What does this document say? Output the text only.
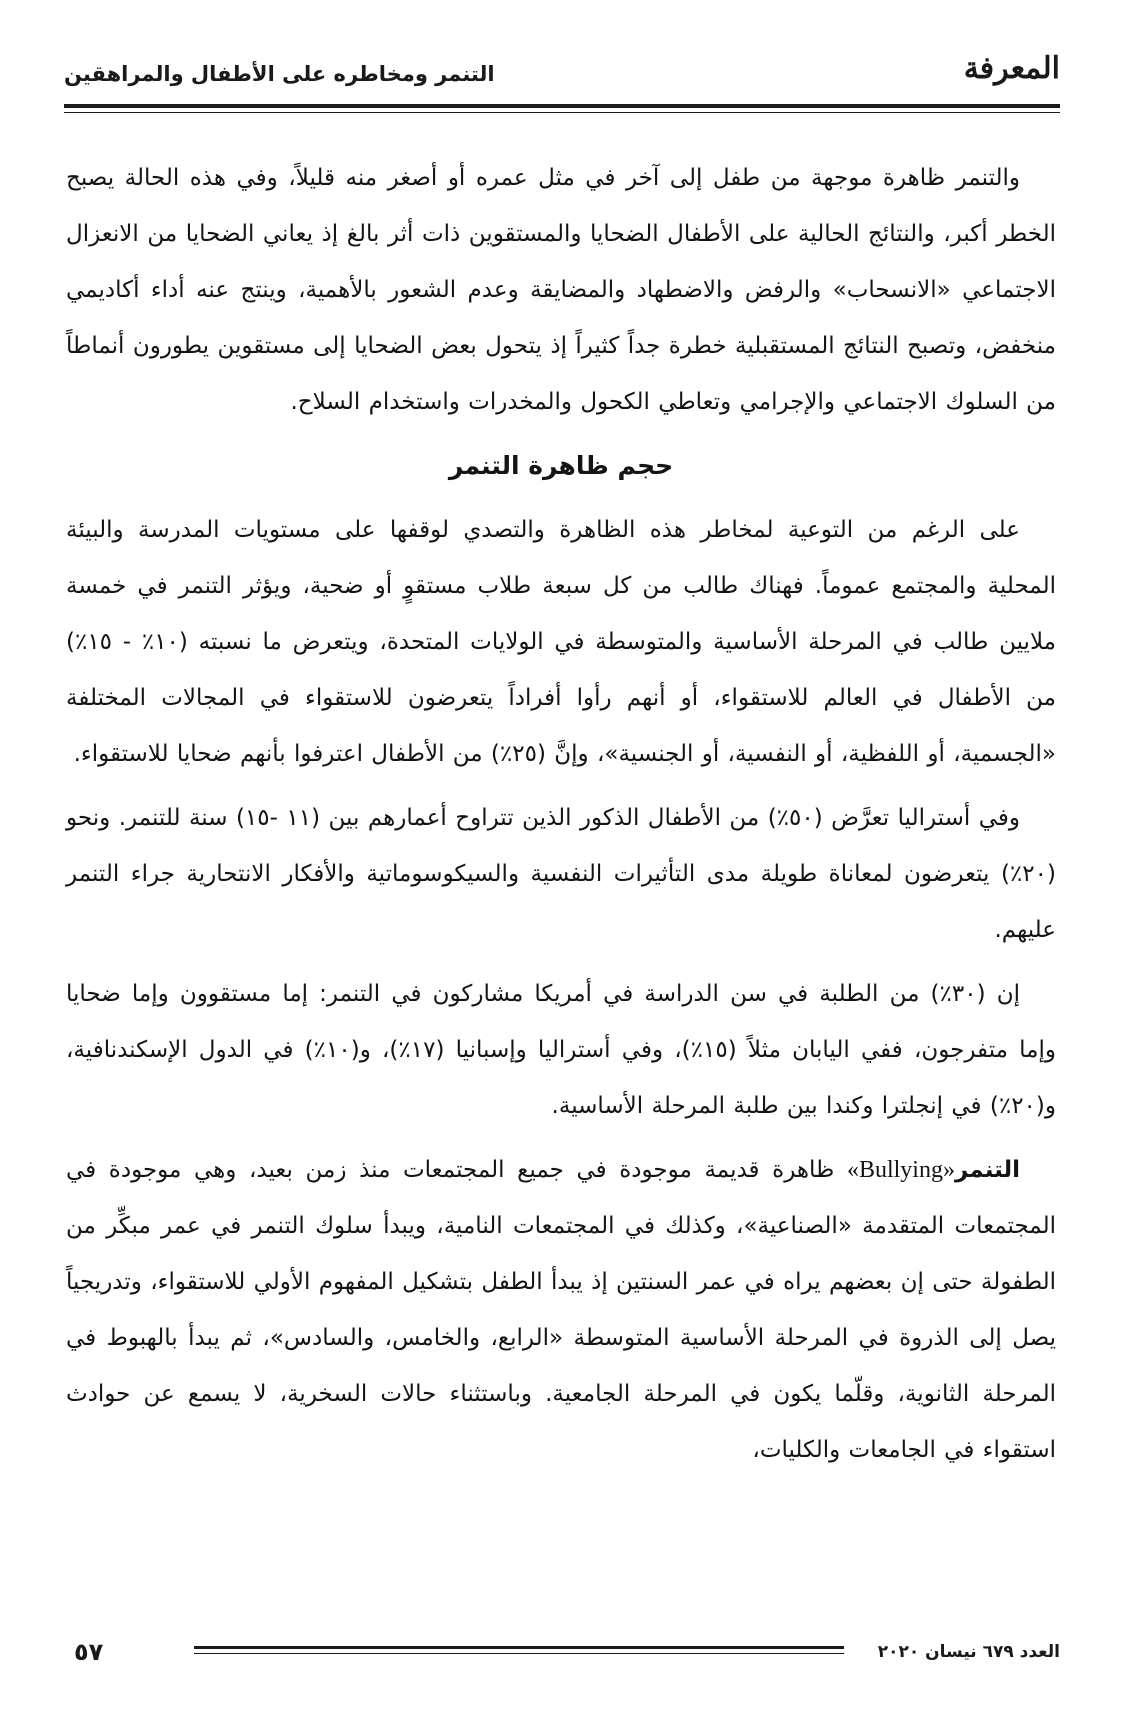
المعرفة
التنمر ومخاطره على الأطفال والمراهقين

والتنمر ظاهرة موجهة من طفل إلى آخر في مثل عمره أو أصغر منه قليلاً، وفي هذه الحالة يصبح الخطر أكبر، والنتائج الحالية على الأطفال الضحايا والمستقوين ذات أثر بالغ إذ يعاني الضحايا من الانعزال الاجتماعي «الانسحاب» والرفض والاضطهاد والمضايقة وعدم الشعور بالأهمية، وينتج عنه أداء أكاديمي منخفض، وتصبح النتائج المستقبلية خطرة جداً كثيراً إذ يتحول بعض الضحايا إلى مستقوين يطورون أنماطاً من السلوك الاجتماعي والإجرامي وتعاطي الكحول والمخدرات واستخدام السلاح.

حجم ظاهرة التنمر

على الرغم من التوعية لمخاطر هذه الظاهرة والتصدي لوقفها على مستويات المدرسة والبيئة المحلية والمجتمع عموماً. فهناك طالب من كل سبعة طلاب مستقوٍ أو ضحية، ويؤثر التنمر في خمسة ملايين طالب في المرحلة الأساسية والمتوسطة في الولايات المتحدة، ويتعرض ما نسبته (١٠٪ - ١٥٪) من الأطفال في العالم للاستقواء، أو أنهم رأوا أفراداً يتعرضون للاستقواء في المجالات المختلفة «الجسمية، أو اللفظية، أو النفسية، أو الجنسية»، وإنَّ (٢٥٪) من الأطفال اعترفوا بأنهم ضحايا للاستقواء.

وفي أستراليا تعرَّض (٥٠٪) من الأطفال الذكور الذين تتراوح أعمارهم بين (١١ -١٥) سنة للتنمر. ونحو (٢٠٪) يتعرضون لمعاناة طويلة مدى التأثيرات النفسية والسيكوسوماتية والأفكار الانتحارية جراء التنمر عليهم.

إن (٣٠٪) من الطلبة في سن الدراسة في أمريكا مشاركون في التنمر: إما مستقوون وإما ضحايا وإما متفرجون، ففي اليابان مثلاً (١٥٪)، وفي أستراليا وإسبانيا (١٧٪)، و(١٠٪) في الدول الإسكندنافية، و(٢٠٪) في إنجلترا وكندا بين طلبة المرحلة الأساسية.

التنمر«Bullying» ظاهرة قديمة موجودة في جميع المجتمعات منذ زمن بعيد، وهي موجودة في المجتمعات المتقدمة «الصناعية»، وكذلك في المجتمعات النامية، ويبدأ سلوك التنمر في عمر مبكِّر من الطفولة حتى إن بعضهم يراه في عمر السنتين إذ يبدأ الطفل بتشكيل المفهوم الأولي للاستقواء، وتدريجياً يصل إلى الذروة في المرحلة الأساسية المتوسطة «الرابع، والخامس، والسادس»، ثم يبدأ بالهبوط في المرحلة الثانوية، وقلّما يكون في المرحلة الجامعية. وباستثناء حالات السخرية، لا يسمع عن حوادث استقواء في الجامعات والكليات،

العدد ٦٧٩ نيسان ٢٠٢٠
٥٧
